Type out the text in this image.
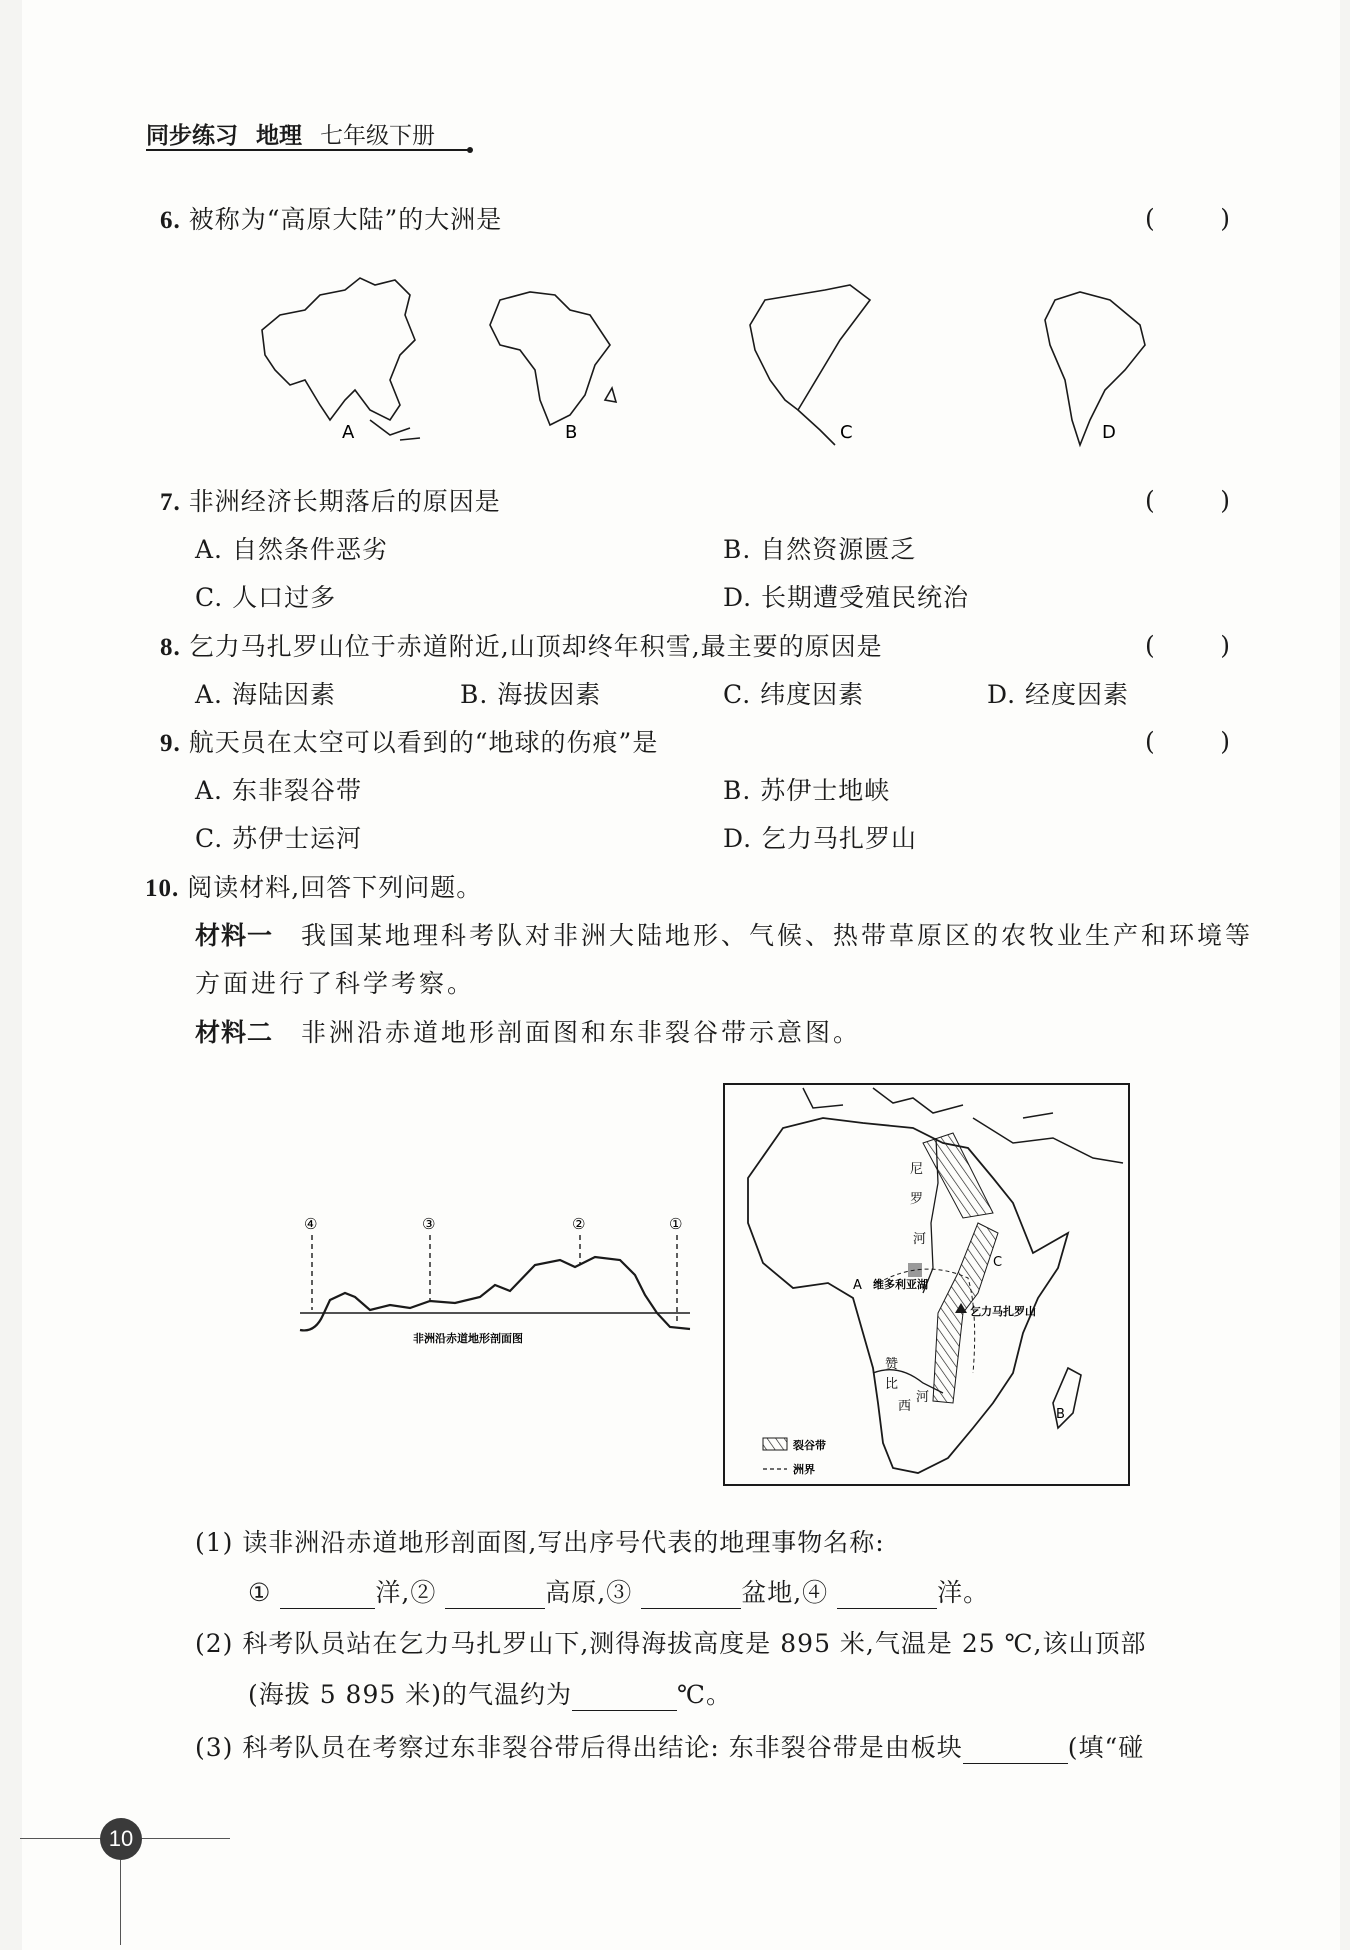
同步练习 地理 七年级下册
6. 被称为“高原大陆”的大洲是	(	)
A	B	C	D
7. 非洲经济长期落后的原因是	(	)
A. 自然条件恶劣	B. 自然资源匮乏
C. 人口过多	D. 长期遭受殖民统治
8. 乞力马扎罗山位于赤道附近,山顶却终年积雪,最主要的原因是	(	)
A. 海陆因素	B. 海拔因素	C. 纬度因素	D. 经度因素
9. 航天员在太空可以看到的“地球的伤痕”是	(	)
A. 东非裂谷带	B. 苏伊士地峡
C. 苏伊士运河	D. 乞力马扎罗山
10. 阅读材料,回答下列问题。
材料一 我国某地理科考队对非洲大陆地形、气候、热带草原区的农牧业生产和环境等
方面进行了科学考察。
材料二 非洲沿赤道地形剖面图和东非裂谷带示意图。
④	③	②	①
非洲沿赤道地形剖面图
尼
罗
河
维多利亚湖
乞力马扎罗山
赞
比
西
河
A
B
C
裂谷带
洲界
(1) 读非洲沿赤道地形剖面图,写出序号代表的地理事物名称:
①	洋,②	高原,③	盆地,④	洋。
(2) 科考队员站在乞力马扎罗山下,测得海拔高度是 895 米,气温是 25 ℃,该山顶部
(海拔 5 895 米)的气温约为	℃。
(3) 科考队员在考察过东非裂谷带后得出结论: 东非裂谷带是由板块	(填“碰
10
